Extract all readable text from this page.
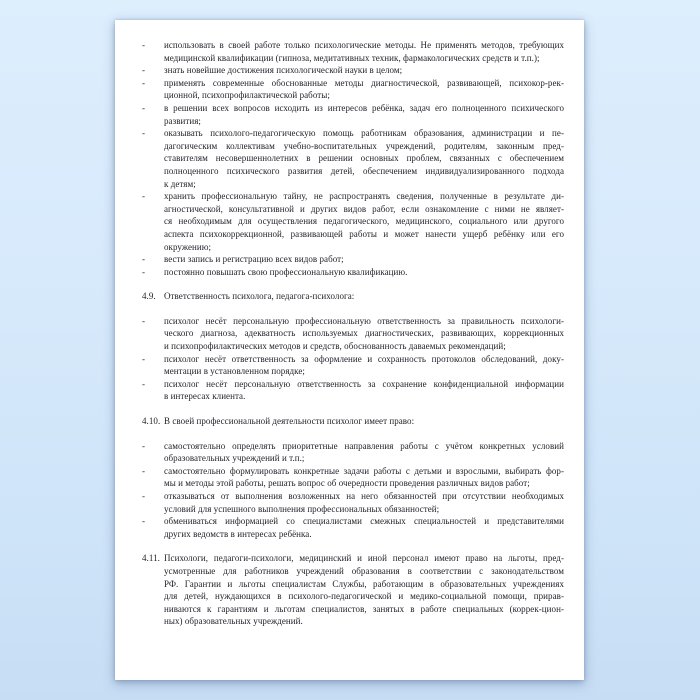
-	использовать в своей работе только психологические методы. Не применять методов, требующих
медицинской квалификации (гипноза, медитативных техник, фармакологических средств и т.п.);
-	знать новейшие достижения психологической науки в целом;
-	применять современные обоснованные методы диагностической, развивающей, психокор-рек-
ционной, психопрофилактической работы;
-	в решении всех вопросов исходить из интересов ребёнка, задач его полноценного психического
развития;
-	оказывать психолого-педагогическую помощь работникам образования, администрации и пе-
дагогическим коллективам учебно-воспитательных учреждений, родителям, законным пред-
ставителям несовершеннолетних в решении основных проблем, связанных с обеспечением
полноценного психического развития детей, обеспечением индивидуализированного подхода
к детям;
-	хранить профессиональную тайну, не распространять сведения, полученные в результате ди-
агностической, консультативной и других видов работ, если ознакомление с ними не являет-
ся необходимым для осуществления педагогического, медицинского, социального или другого
аспекта психокоррекционной, развивающей работы и может нанести ущерб ребёнку или его
окружению;
-	вести запись и регистрацию всех видов работ;
-	постоянно повышать свою профессиональную квалификацию.
4.9. Ответственность психолога, педагога-психолога:
-	психолог несёт персональную профессиональную ответственность за правильность психологи-
ческого диагноза, адекватность используемых диагностических, развивающих, коррекционных
и психопрофилактических методов и средств, обоснованность даваемых рекомендаций;
-	психолог несёт ответственность за оформление и сохранность протоколов обследований, доку-
ментации в установленном порядке;
-	психолог несёт персональную ответственность за сохранение конфиденциальной информации
в интересах клиента.
4.10. В своей профессиональной деятельности психолог имеет право:
-	самостоятельно определять приоритетные направления работы с учётом конкретных условий
образовательных учреждений и т.п.;
-	самостоятельно формулировать конкретные задачи работы с детьми и взрослыми, выбирать фор-
мы и методы этой работы, решать вопрос об очередности проведения различных видов работ;
-	отказываться от выполнения возложенных на него обязанностей при отсутствии необходимых
условий для успешного выполнения профессиональных обязанностей;
-	обмениваться информацией со специалистами смежных специальностей и представителями
других ведомств в интересах ребёнка.
4.11. Психологи, педагоги-психологи, медицинский и иной персонал имеют право на льготы, пред-
усмотренные для работников учреждений образования в соответствии с законодательством
РФ. Гарантии и льготы специалистам Службы, работающим в образовательных учреждениях
для детей, нуждающихся в психолого-педагогической и медико-социальной помощи, прирав-
ниваются к гарантиям и льготам специалистов, занятых в работе специальных (коррек-цион-
ных) образовательных учреждений.
